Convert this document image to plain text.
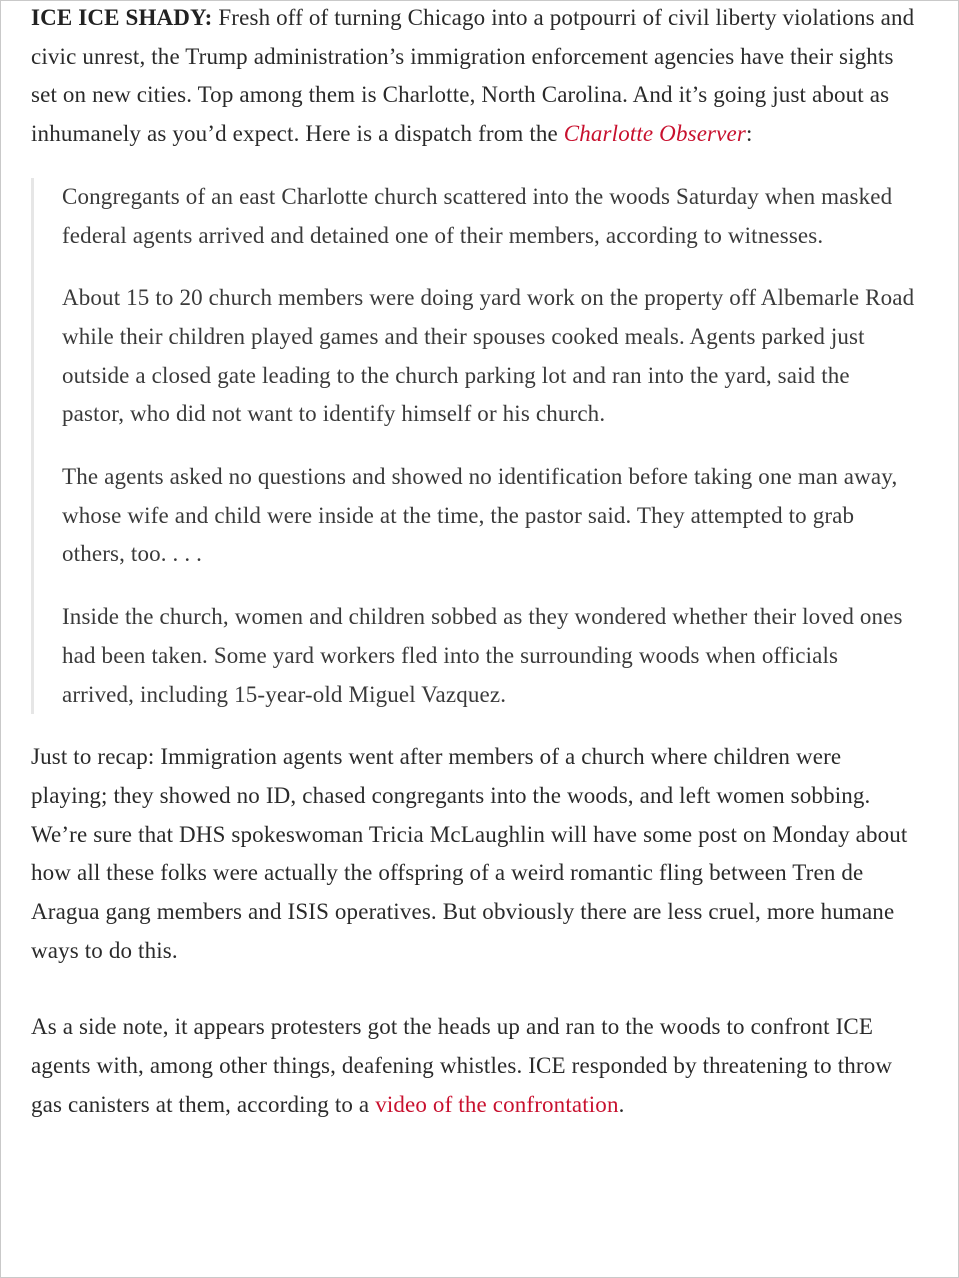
ICE ICE SHADY: Fresh off of turning Chicago into a potpourri of civil liberty violations and civic unrest, the Trump administration’s immigration enforcement agencies have their sights set on new cities. Top among them is Charlotte, North Carolina. And it’s going just about as inhumanely as you’d expect. Here is a dispatch from the Charlotte Observer:

Congregants of an east Charlotte church scattered into the woods Saturday when masked federal agents arrived and detained one of their members, according to witnesses.

About 15 to 20 church members were doing yard work on the property off Albemarle Road while their children played games and their spouses cooked meals. Agents parked just outside a closed gate leading to the church parking lot and ran into the yard, said the pastor, who did not want to identify himself or his church.

The agents asked no questions and showed no identification before taking one man away, whose wife and child were inside at the time, the pastor said. They attempted to grab others, too. . . .

Inside the church, women and children sobbed as they wondered whether their loved ones had been taken. Some yard workers fled into the surrounding woods when officials arrived, including 15-year-old Miguel Vazquez.

Just to recap: Immigration agents went after members of a church where children were playing; they showed no ID, chased congregants into the woods, and left women sobbing. We’re sure that DHS spokeswoman Tricia McLaughlin will have some post on Monday about how all these folks were actually the offspring of a weird romantic fling between Tren de Aragua gang members and ISIS operatives. But obviously there are less cruel, more humane ways to do this.

As a side note, it appears protesters got the heads up and ran to the woods to confront ICE agents with, among other things, deafening whistles. ICE responded by threatening to throw gas canisters at them, according to a video of the confrontation.
